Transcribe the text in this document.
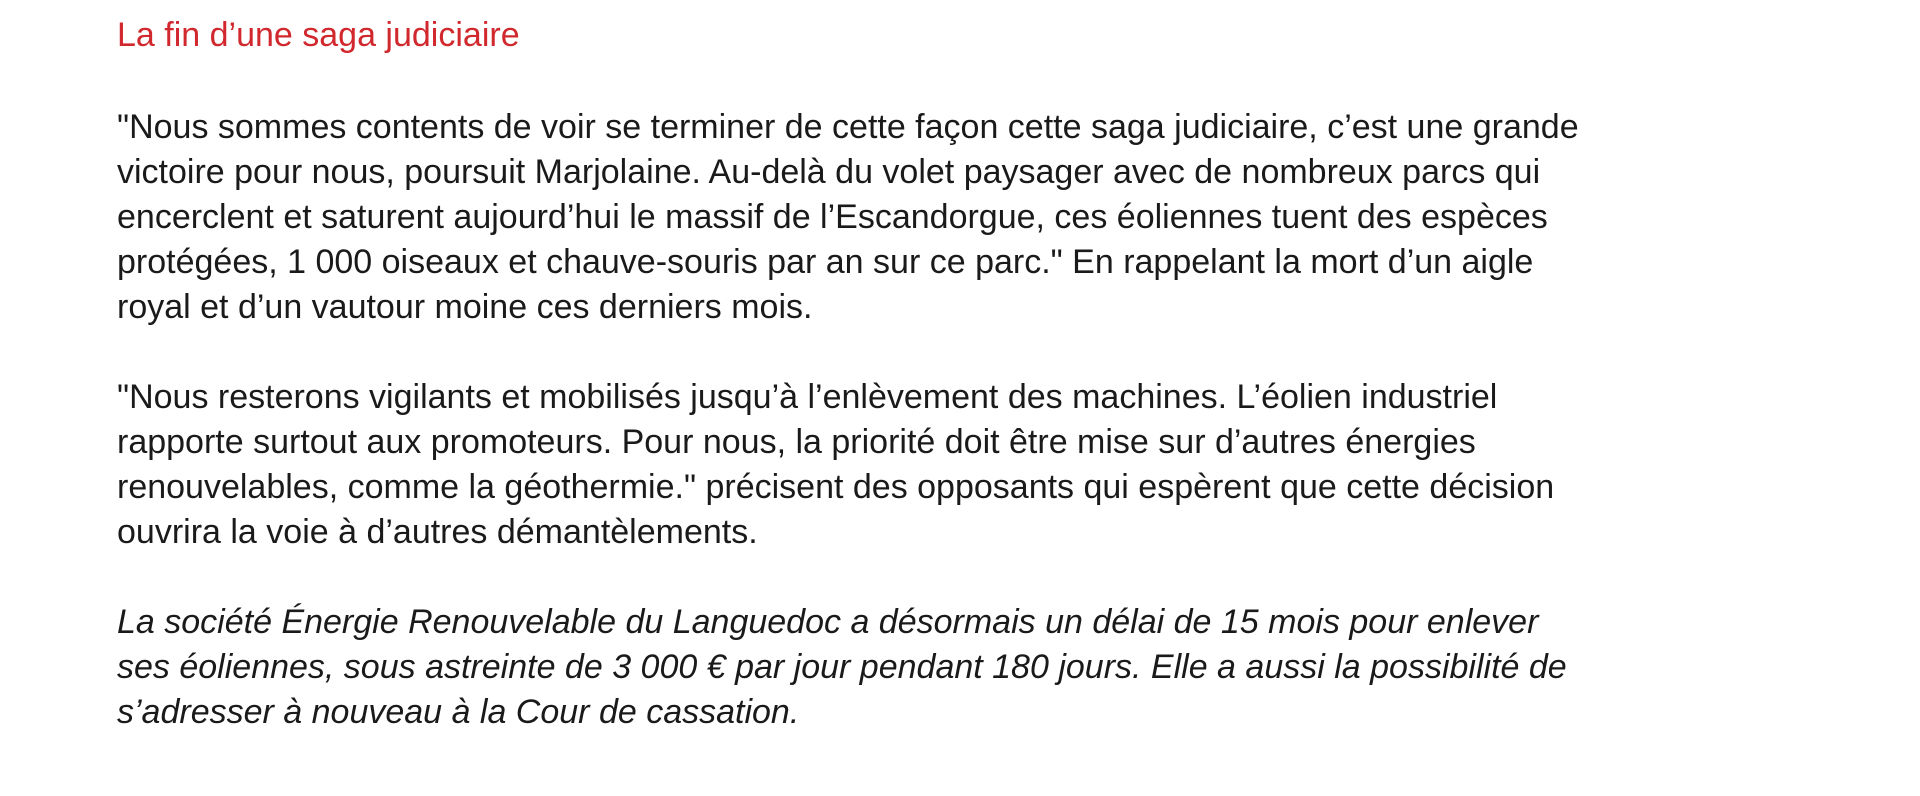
La fin d’une saga judiciaire

"Nous sommes contents de voir se terminer de cette façon cette saga judiciaire, c’est une grande
victoire pour nous, poursuit Marjolaine. Au-delà du volet paysager avec de nombreux parcs qui
encerclent et saturent aujourd’hui le massif de l’Escandorgue, ces éoliennes tuent des espèces
protégées, 1 000 oiseaux et chauve-souris par an sur ce parc." En rappelant la mort d’un aigle
royal et d’un vautour moine ces derniers mois.

"Nous resterons vigilants et mobilisés jusqu’à l’enlèvement des machines. L’éolien industriel
rapporte surtout aux promoteurs. Pour nous, la priorité doit être mise sur d’autres énergies
renouvelables, comme la géothermie." précisent des opposants qui espèrent que cette décision
ouvrira la voie à d’autres démantèlements.

La société Énergie Renouvelable du Languedoc a désormais un délai de 15 mois pour enlever
ses éoliennes, sous astreinte de 3 000 € par jour pendant 180 jours. Elle a aussi la possibilité de
s’adresser à nouveau à la Cour de cassation.
